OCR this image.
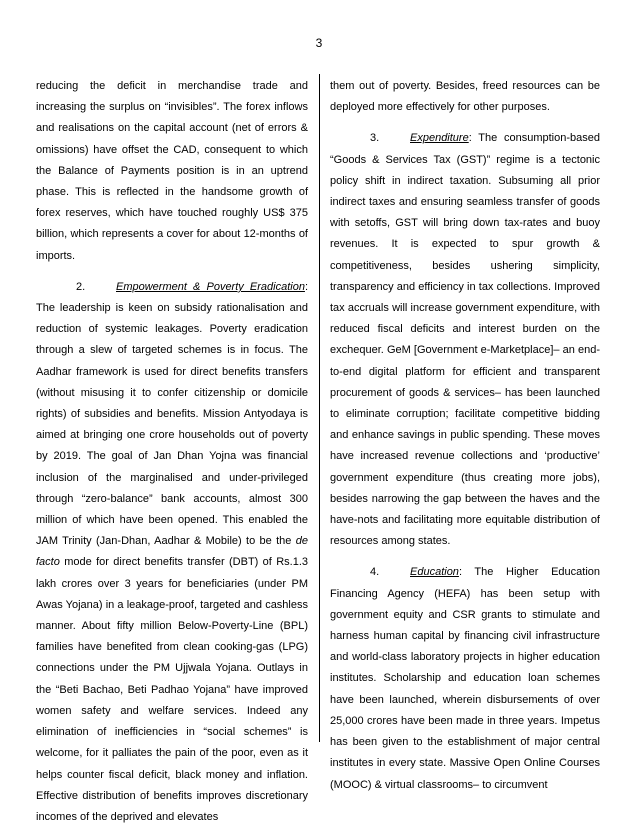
3

reducing the deficit in merchandise trade and increasing the surplus on “invisibles”. The forex inflows and realisations on the capital account (net of errors & omissions) have offset the CAD, consequent to which the Balance of Payments position is in an uptrend phase. This is reflected in the handsome growth of forex reserves, which have touched roughly US$ 375 billion, which represents a cover for about 12-months of imports.

2.	Empowerment & Poverty Eradication: The leadership is keen on subsidy rationalisation and reduction of systemic leakages. Poverty eradication through a slew of targeted schemes is in focus. The Aadhar framework is used for direct benefits transfers (without misusing it to confer citizenship or domicile rights) of subsidies and benefits. Mission Antyodaya is aimed at bringing one crore households out of poverty by 2019. The goal of Jan Dhan Yojna was financial inclusion of the marginalised and under-privileged through “zero-balance” bank accounts, almost 300 million of which have been opened. This enabled the JAM Trinity (Jan-Dhan, Aadhar & Mobile) to be the de facto mode for direct benefits transfer (DBT) of Rs.1.3 lakh crores over 3 years for beneficiaries (under PM Awas Yojana) in a leakage-proof, targeted and cashless manner. About fifty million Below-Poverty-Line (BPL) families have benefited from clean cooking-gas (LPG) connections under the PM Ujjwala Yojana. Outlays in the “Beti Bachao, Beti Padhao Yojana” have improved women safety and welfare services. Indeed any elimination of inefficiencies in “social schemes” is welcome, for it palliates the pain of the poor, even as it helps counter fiscal deficit, black money and inflation. Effective distribution of benefits improves discretionary incomes of the deprived and elevates

them out of poverty. Besides, freed resources can be deployed more effectively for other purposes.

3.	Expenditure: The consumption-based “Goods & Services Tax (GST)” regime is a tectonic policy shift in indirect taxation. Subsuming all prior indirect taxes and ensuring seamless transfer of goods with setoffs, GST will bring down tax-rates and buoy revenues. It is expected to spur growth & competitiveness, besides ushering simplicity, transparency and efficiency in tax collections. Improved tax accruals will increase government expenditure, with reduced fiscal deficits and interest burden on the exchequer. GeM [Government e-Marketplace]– an end-to-end digital platform for efficient and transparent procurement of goods & services– has been launched to eliminate corruption; facilitate competitive bidding and enhance savings in public spending. These moves have increased revenue collections and ‘productive’ government expenditure (thus creating more jobs), besides narrowing the gap between the haves and the have-nots and facilitating more equitable distribution of resources among states.

4.	Education: The Higher Education Financing Agency (HEFA) has been setup with government equity and CSR grants to stimulate and harness human capital by financing civil infrastructure and world-class laboratory projects in higher education institutes. Scholarship and education loan schemes have been launched, wherein disbursements of over 25,000 crores have been made in three years. Impetus has been given to the establishment of major central institutes in every state. Massive Open Online Courses (MOOC) & virtual classrooms– to circumvent
